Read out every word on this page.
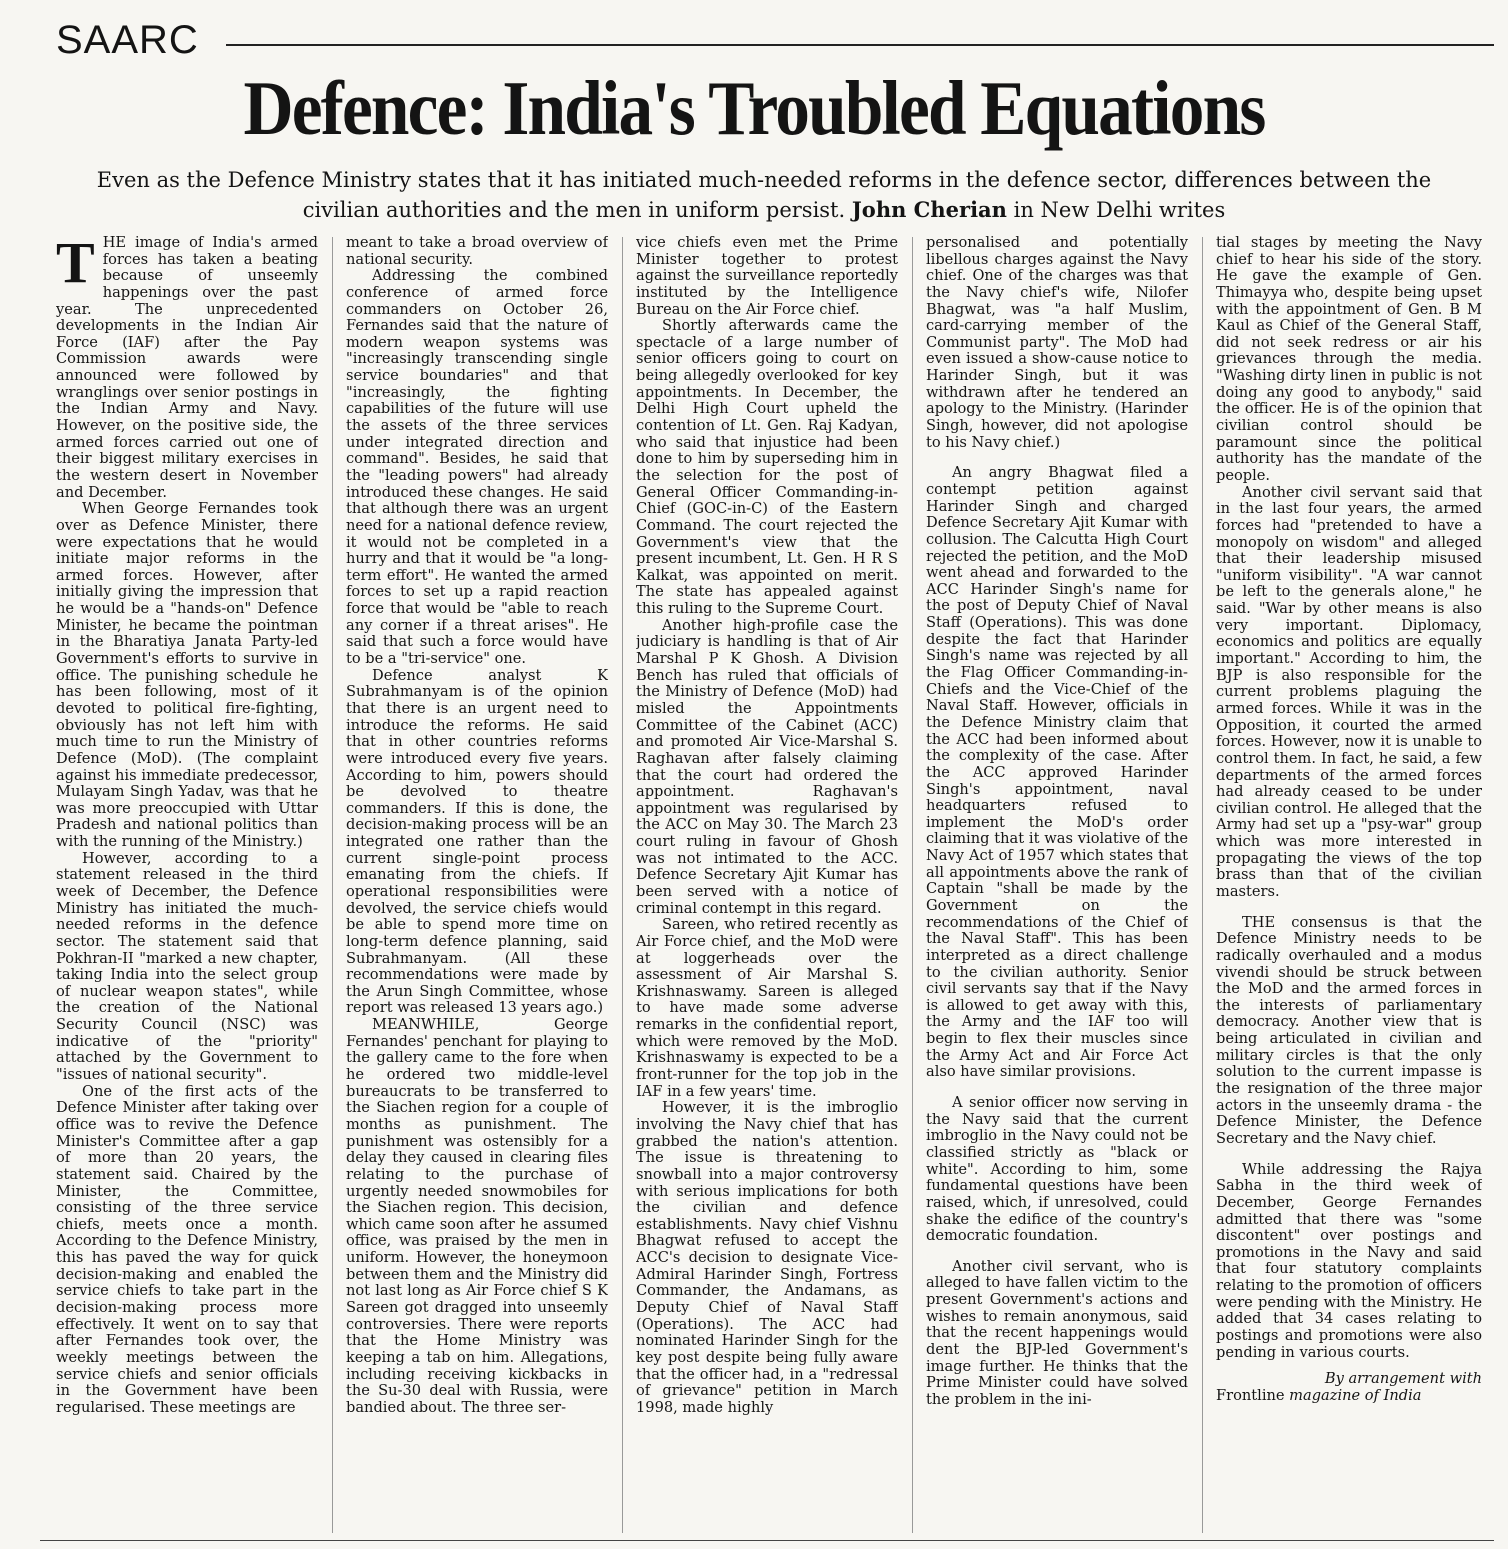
SAARC
Defence: India's Troubled Equations
Even as the Defence Ministry states that it has initiated much-needed reforms in the defence sector, differences between the civilian authorities and the men in uniform persist. John Cherian in New Delhi writes

THE image of India's armed forces has taken a beating because of unseemly happenings over the past year. The unprecedented developments in the Indian Air Force (IAF) after the Pay Commission awards were announced were followed by wranglings over senior postings in the Indian Army and Navy. However, on the positive side, the armed forces carried out one of their biggest military exercises in the western desert in November and December.

When George Fernandes took over as Defence Minister, there were expectations that he would initiate major reforms in the armed forces. However, after initially giving the impression that he would be a "hands-on" Defence Minister, he became the pointman in the Bharatiya Janata Party-led Government's efforts to survive in office. The punishing schedule he has been following, most of it devoted to political fire-fighting, obviously has not left him with much time to run the Ministry of Defence (MoD). (The complaint against his immediate predecessor, Mulayam Singh Yadav, was that he was more preoccupied with Uttar Pradesh and national politics than with the running of the Ministry.)

However, according to a statement released in the third week of December, the Defence Ministry has initiated the much-needed reforms in the defence sector. The statement said that Pokhran-II "marked a new chapter, taking India into the select group of nuclear weapon states", while the creation of the National Security Council (NSC) was indicative of the "priority" attached by the Government to "issues of national security".

One of the first acts of the Defence Minister after taking over office was to revive the Defence Minister's Committee after a gap of more than 20 years, the statement said. Chaired by the Minister, the Committee, consisting of the three service chiefs, meets once a month. According to the Defence Ministry, this has paved the way for quick decision-making and enabled the service chiefs to take part in the decision-making process more effectively. It went on to say that after Fernandes took over, the weekly meetings between the service chiefs and senior officials in the Government have been regularised. These meetings are

meant to take a broad overview of national security.

Addressing the combined conference of armed force commanders on October 26, Fernandes said that the nature of modern weapon systems was "increasingly transcending single service boundaries" and that "increasingly, the fighting capabilities of the future will use the assets of the three services under integrated direction and command". Besides, he said that the "leading powers" had already introduced these changes. He said that although there was an urgent need for a national defence review, it would not be completed in a hurry and that it would be "a long-term effort". He wanted the armed forces to set up a rapid reaction force that would be "able to reach any corner if a threat arises". He said that such a force would have to be a "tri-service" one.

Defence analyst K Subrahmanyam is of the opinion that there is an urgent need to introduce the reforms. He said that in other countries reforms were introduced every five years. According to him, powers should be devolved to theatre commanders. If this is done, the decision-making process will be an integrated one rather than the current single-point process emanating from the chiefs. If operational responsibilities were devolved, the service chiefs would be able to spend more time on long-term defence planning, said Subrahmanyam. (All these recommendations were made by the Arun Singh Committee, whose report was released 13 years ago.)

MEANWHILE, George Fernandes' penchant for playing to the gallery came to the fore when he ordered two middle-level bureaucrats to be transferred to the Siachen region for a couple of months as punishment. The punishment was ostensibly for a delay they caused in clearing files relating to the purchase of urgently needed snowmobiles for the Siachen region. This decision, which came soon after he assumed office, was praised by the men in uniform. However, the honeymoon between them and the Ministry did not last long as Air Force chief S K Sareen got dragged into unseemly controversies. There were reports that the Home Ministry was keeping a tab on him. Allegations, including receiving kickbacks in the Su-30 deal with Russia, were bandied about. The three ser-

vice chiefs even met the Prime Minister together to protest against the surveillance reportedly instituted by the Intelligence Bureau on the Air Force chief.

Shortly afterwards came the spectacle of a large number of senior officers going to court on being allegedly overlooked for key appointments. In December, the Delhi High Court upheld the contention of Lt. Gen. Raj Kadyan, who said that injustice had been done to him by superseding him in the selection for the post of General Officer Commanding-in-Chief (GOC-in-C) of the Eastern Command. The court rejected the Government's view that the present incumbent, Lt. Gen. H R S Kalkat, was appointed on merit. The state has appealed against this ruling to the Supreme Court.

Another high-profile case the judiciary is handling is that of Air Marshal P K Ghosh. A Division Bench has ruled that officials of the Ministry of Defence (MoD) had misled the Appointments Committee of the Cabinet (ACC) and promoted Air Vice-Marshal S. Raghavan after falsely claiming that the court had ordered the appointment. Raghavan's appointment was regularised by the ACC on May 30. The March 23 court ruling in favour of Ghosh was not intimated to the ACC. Defence Secretary Ajit Kumar has been served with a notice of criminal contempt in this regard.

Sareen, who retired recently as Air Force chief, and the MoD were at loggerheads over the assessment of Air Marshal S. Krishnaswamy. Sareen is alleged to have made some adverse remarks in the confidential report, which were removed by the MoD. Krishnaswamy is expected to be a front-runner for the top job in the IAF in a few years' time.

However, it is the imbroglio involving the Navy chief that has grabbed the nation's attention. The issue is threatening to snowball into a major controversy with serious implications for both the civilian and defence establishments. Navy chief Vishnu Bhagwat refused to accept the ACC's decision to designate Vice-Admiral Harinder Singh, Fortress Commander, the Andamans, as Deputy Chief of Naval Staff (Operations). The ACC had nominated Harinder Singh for the key post despite being fully aware that the officer had, in a "redressal of grievance" petition in March 1998, made highly

personalised and potentially libellous charges against the Navy chief. One of the charges was that the Navy chief's wife, Nilofer Bhagwat, was "a half Muslim, card-carrying member of the Communist party". The MoD had even issued a show-cause notice to Harinder Singh, but it was withdrawn after he tendered an apology to the Ministry. (Harinder Singh, however, did not apologise to his Navy chief.)

An angry Bhagwat filed a contempt petition against Harinder Singh and charged Defence Secretary Ajit Kumar with collusion. The Calcutta High Court rejected the petition, and the MoD went ahead and forwarded to the ACC Harinder Singh's name for the post of Deputy Chief of Naval Staff (Operations). This was done despite the fact that Harinder Singh's name was rejected by all the Flag Officer Commanding-in-Chiefs and the Vice-Chief of the Naval Staff. However, officials in the Defence Ministry claim that the ACC had been informed about the complexity of the case. After the ACC approved Harinder Singh's appointment, naval headquarters refused to implement the MoD's order claiming that it was violative of the Navy Act of 1957 which states that all appointments above the rank of Captain "shall be made by the Government on the recommendations of the Chief of the Naval Staff". This has been interpreted as a direct challenge to the civilian authority. Senior civil servants say that if the Navy is allowed to get away with this, the Army and the IAF too will begin to flex their muscles since the Army Act and Air Force Act also have similar provisions.

A senior officer now serving in the Navy said that the current imbroglio in the Navy could not be classified strictly as "black or white". According to him, some fundamental questions have been raised, which, if unresolved, could shake the edifice of the country's democratic foundation.

Another civil servant, who is alleged to have fallen victim to the present Government's actions and wishes to remain anonymous, said that the recent happenings would dent the BJP-led Government's image further. He thinks that the Prime Minister could have solved the problem in the ini-

tial stages by meeting the Navy chief to hear his side of the story. He gave the example of Gen. Thimayya who, despite being upset with the appointment of Gen. B M Kaul as Chief of the General Staff, did not seek redress or air his grievances through the media. "Washing dirty linen in public is not doing any good to anybody," said the officer. He is of the opinion that civilian control should be paramount since the political authority has the mandate of the people.

Another civil servant said that in the last four years, the armed forces had "pretended to have a monopoly on wisdom" and alleged that their leadership misused "uniform visibility". "A war cannot be left to the generals alone," he said. "War by other means is also very important. Diplomacy, economics and politics are equally important." According to him, the BJP is also responsible for the current problems plaguing the armed forces. While it was in the Opposition, it courted the armed forces. However, now it is unable to control them. In fact, he said, a few departments of the armed forces had already ceased to be under civilian control. He alleged that the Army had set up a "psy-war" group which was more interested in propagating the views of the top brass than that of the civilian masters.

THE consensus is that the Defence Ministry needs to be radically overhauled and a modus vivendi should be struck between the MoD and the armed forces in the interests of parliamentary democracy. Another view that is being articulated in civilian and military circles is that the only solution to the current impasse is the resignation of the three major actors in the unseemly drama - the Defence Minister, the Defence Secretary and the Navy chief.

While addressing the Rajya Sabha in the third week of December, George Fernandes admitted that there was "some discontent" over postings and promotions in the Navy and said that four statutory complaints relating to the promotion of officers were pending with the Ministry. He added that 34 cases relating to postings and promotions were also pending in various courts.

By arrangement with
Frontline magazine of India
